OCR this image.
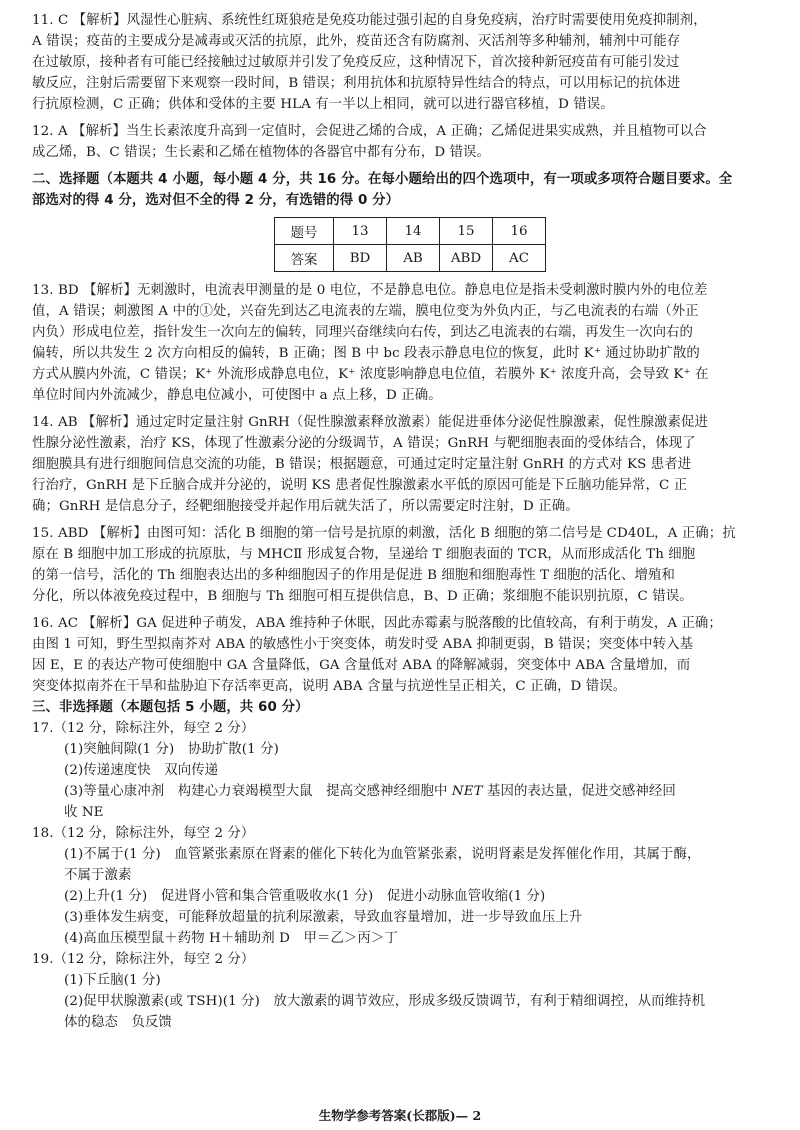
11. C 【解析】风湿性心脏病、系统性红斑狼疮是免疫功能过强引起的自身免疫病，治疗时需要使用免疫抑制剂，

A 错误；疫苗的主要成分是减毒或灭活的抗原，此外，疫苗还含有防腐剂、灭活剂等多种辅剂，辅剂中可能存

在过敏原，接种者有可能已经接触过过敏原并引发了免疫反应，这种情况下，首次接种新冠疫苗有可能引发过

敏反应，注射后需要留下来观察一段时间，B 错误；利用抗体和抗原特异性结合的特点，可以用标记的抗体进

行抗原检测，C 正确；供体和受体的主要 HLA 有一半以上相同，就可以进行器官移植，D 错误。

12. A 【解析】当生长素浓度升高到一定值时，会促进乙烯的合成，A 正确；乙烯促进果实成熟，并且植物可以合

成乙烯，B、C 错误；生长素和乙烯在植物体的各器官中都有分布，D 错误。

二、选择题（本题共 4 小题，每小题 4 分，共 16 分。在每小题给出的四个选项中，有一项或多项符合题目要求。全

部选对的得 4 分，选对但不全的得 2 分，有选错的得 0 分）

题号	13	14	15	16
答案	BD	AB	ABD	AC

13. BD 【解析】无刺激时，电流表甲测量的是 0 电位，不是静息电位。静息电位是指未受刺激时膜内外的电位差

值，A 错误；刺激图 A 中的①处，兴奋先到达乙电流表的左端，膜电位变为外负内正，与乙电流表的右端（外正

内负）形成电位差，指针发生一次向左的偏转，同理兴奋继续向右传，到达乙电流表的右端，再发生一次向右的

偏转，所以共发生 2 次方向相反的偏转，B 正确；图 B 中 bc 段表示静息电位的恢复，此时 K⁺ 通过协助扩散的

方式从膜内外流，C 错误；K⁺ 外流形成静息电位，K⁺ 浓度影响静息电位值，若膜外 K⁺ 浓度升高，会导致 K⁺ 在

单位时间内外流减少，静息电位减小，可使图中 a 点上移，D 正确。

14. AB 【解析】通过定时定量注射 GnRH（促性腺激素释放激素）能促进垂体分泌促性腺激素，促性腺激素促进

性腺分泌性激素，治疗 KS，体现了性激素分泌的分级调节，A 错误；GnRH 与靶细胞表面的受体结合，体现了

细胞膜具有进行细胞间信息交流的功能，B 错误；根据题意，可通过定时定量注射 GnRH 的方式对 KS 患者进

行治疗，GnRH 是下丘脑合成并分泌的，说明 KS 患者促性腺激素水平低的原因可能是下丘脑功能异常，C 正

确；GnRH 是信息分子，经靶细胞接受并起作用后就失活了，所以需要定时注射，D 正确。

15. ABD 【解析】由图可知：活化 B 细胞的第一信号是抗原的刺激，活化 B 细胞的第二信号是 CD40L，A 正确；抗

原在 B 细胞中加工形成的抗原肽，与 MHCⅡ 形成复合物，呈递给 T 细胞表面的 TCR，从而形成活化 Th 细胞

的第一信号，活化的 Th 细胞表达出的多种细胞因子的作用是促进 B 细胞和细胞毒性 T 细胞的活化、增殖和

分化，所以体液免疫过程中，B 细胞与 Th 细胞可相互提供信息，B、D 正确；浆细胞不能识别抗原，C 错误。

16. AC 【解析】GA 促进种子萌发，ABA 维持种子休眠，因此赤霉素与脱落酸的比值较高，有利于萌发，A 正确；

由图 1 可知，野生型拟南芥对 ABA 的敏感性小于突变体，萌发时受 ABA 抑制更弱，B 错误；突变体中转入基

因 E，E 的表达产物可使细胞中 GA 含量降低，GA 含量低对 ABA 的降解减弱，突变体中 ABA 含量增加，而

突变体拟南芥在干旱和盐胁迫下存活率更高，说明 ABA 含量与抗逆性呈正相关，C 正确，D 错误。

三、非选择题（本题包括 5 小题，共 60 分）

17.（12 分，除标注外，每空 2 分）

(1)突触间隙(1 分)　协助扩散(1 分)

(2)传递速度快　双向传递

(3)等量心康冲剂　构建心力衰竭模型大鼠　提高交感神经细胞中 NET 基因的表达量，促进交感神经回

收 NE

18.（12 分，除标注外，每空 2 分）

(1)不属于(1 分)　血管紧张素原在肾素的催化下转化为血管紧张素，说明肾素是发挥催化作用，其属于酶，

不属于激素

(2)上升(1 分)　促进肾小管和集合管重吸收水(1 分)　促进小动脉血管收缩(1 分)

(3)垂体发生病变，可能释放超量的抗利尿激素，导致血容量增加，进一步导致血压上升

(4)高血压模型鼠＋药物 H＋辅助剂 D　甲＝乙＞丙＞丁

19.（12 分，除标注外，每空 2 分）

(1)下丘脑(1 分)

(2)促甲状腺激素(或 TSH)(1 分)　放大激素的调节效应，形成多级反馈调节，有利于精细调控，从而维持机

体的稳态　负反馈

生物学参考答案(长郡版)— 2
